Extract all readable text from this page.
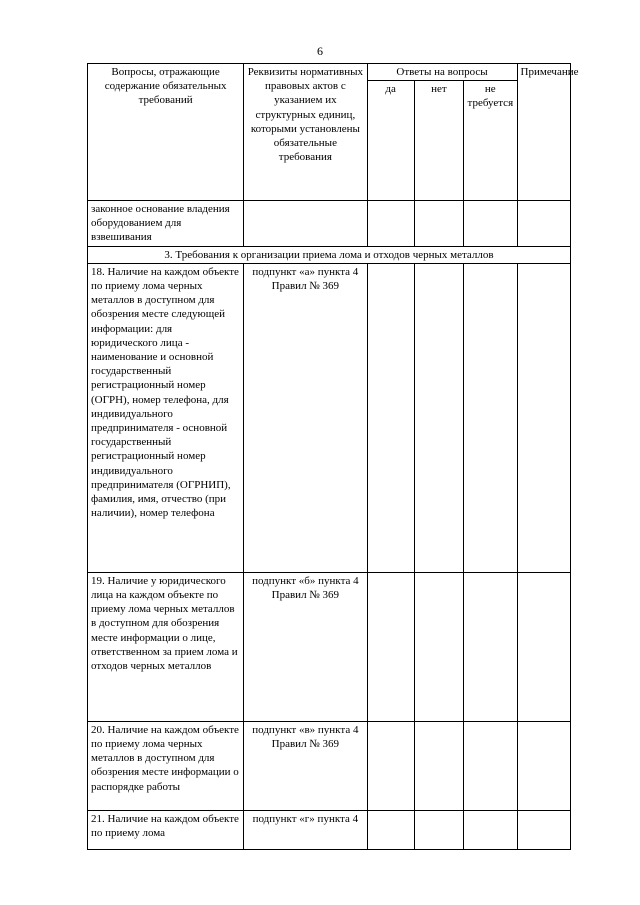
6
Вопросы, отражающие содержание обязательных требований	Реквизиты нормативных правовых актов с указанием их структурных единиц, которыми установлены обязательные требования	Ответы на вопросы			Примечание
		да	нет	не требуется	
законное основание владения оборудованием для взвешивания					
3. Требования к организации приема лома и отходов черных металлов					
18. Наличие на каждом объекте по приему лома черных металлов в доступном для обозрения месте следующей информации: для юридического лица - наименование и основной государственный регистрационный номер (ОГРН), номер телефона, для индивидуального предпринимателя - основной государственный регистрационный номер индивидуального предпринимателя (ОГРНИП), фамилия, имя, отчество (при наличии), номер телефона	подпункт «а» пункта 4 Правил № 369				
19. Наличие у юридического лица на каждом объекте по приему лома черных металлов в доступном для обозрения месте информации о лице, ответственном за прием лома и отходов черных металлов	подпункт «б» пункта 4 Правил № 369				
20. Наличие на каждом объекте по приему лома черных металлов в доступном для обозрения месте информации о распорядке работы	подпункт «в» пункта 4 Правил № 369				
21. Наличие на каждом объекте по приему лома	подпункт «г» пункта 4				
